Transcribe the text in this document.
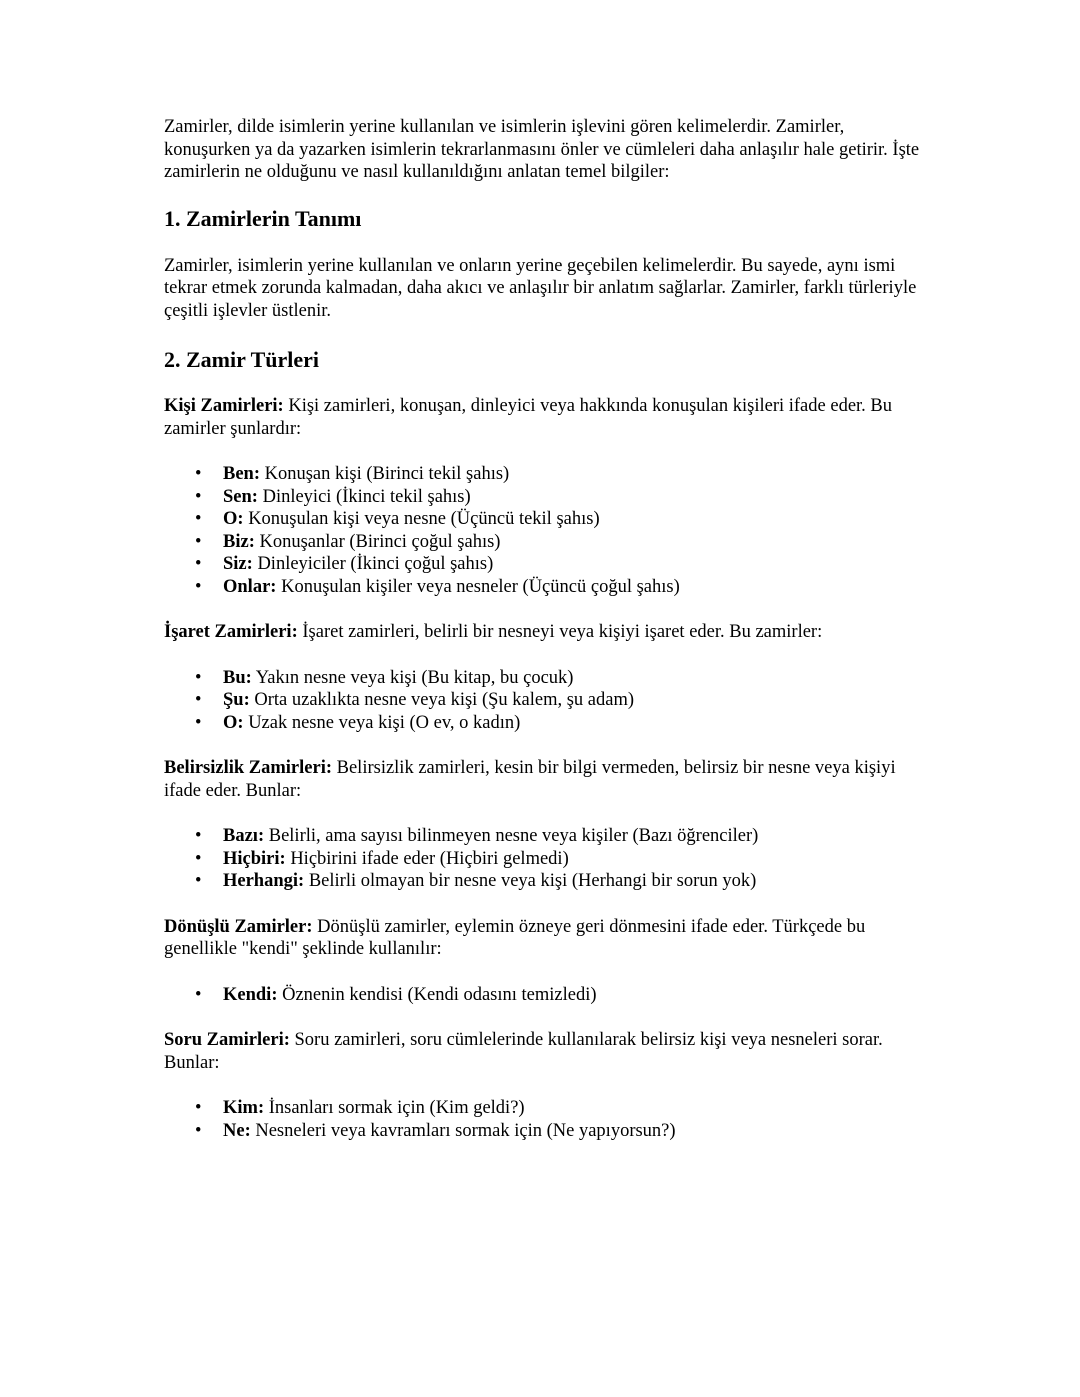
Zamirler, dilde isimlerin yerine kullanılan ve isimlerin işlevini gören kelimelerdir. Zamirler, konuşurken ya da yazarken isimlerin tekrarlanmasını önler ve cümleleri daha anlaşılır hale getirir. İşte zamirlerin ne olduğunu ve nasıl kullanıldığını anlatan temel bilgiler:

1. Zamirlerin Tanımı

Zamirler, isimlerin yerine kullanılan ve onların yerine geçebilen kelimelerdir. Bu sayede, aynı ismi tekrar etmek zorunda kalmadan, daha akıcı ve anlaşılır bir anlatım sağlarlar. Zamirler, farklı türleriyle çeşitli işlevler üstlenir.

2. Zamir Türleri

Kişi Zamirleri: Kişi zamirleri, konuşan, dinleyici veya hakkında konuşulan kişileri ifade eder. Bu zamirler şunlardır:

• Ben: Konuşan kişi (Birinci tekil şahıs)
• Sen: Dinleyici (İkinci tekil şahıs)
• O: Konuşulan kişi veya nesne (Üçüncü tekil şahıs)
• Biz: Konuşanlar (Birinci çoğul şahıs)
• Siz: Dinleyiciler (İkinci çoğul şahıs)
• Onlar: Konuşulan kişiler veya nesneler (Üçüncü çoğul şahıs)

İşaret Zamirleri: İşaret zamirleri, belirli bir nesneyi veya kişiyi işaret eder. Bu zamirler:

• Bu: Yakın nesne veya kişi (Bu kitap, bu çocuk)
• Şu: Orta uzaklıkta nesne veya kişi (Şu kalem, şu adam)
• O: Uzak nesne veya kişi (O ev, o kadın)

Belirsizlik Zamirleri: Belirsizlik zamirleri, kesin bir bilgi vermeden, belirsiz bir nesne veya kişiyi ifade eder. Bunlar:

• Bazı: Belirli, ama sayısı bilinmeyen nesne veya kişiler (Bazı öğrenciler)
• Hiçbiri: Hiçbirini ifade eder (Hiçbiri gelmedi)
• Herhangi: Belirli olmayan bir nesne veya kişi (Herhangi bir sorun yok)

Dönüşlü Zamirler: Dönüşlü zamirler, eylemin özneye geri dönmesini ifade eder. Türkçede bu genellikle "kendi" şeklinde kullanılır:

• Kendi: Öznenin kendisi (Kendi odasını temizledi)

Soru Zamirleri: Soru zamirleri, soru cümlelerinde kullanılarak belirsiz kişi veya nesneleri sorar. Bunlar:

• Kim: İnsanları sormak için (Kim geldi?)
• Ne: Nesneleri veya kavramları sormak için (Ne yapıyorsun?)
